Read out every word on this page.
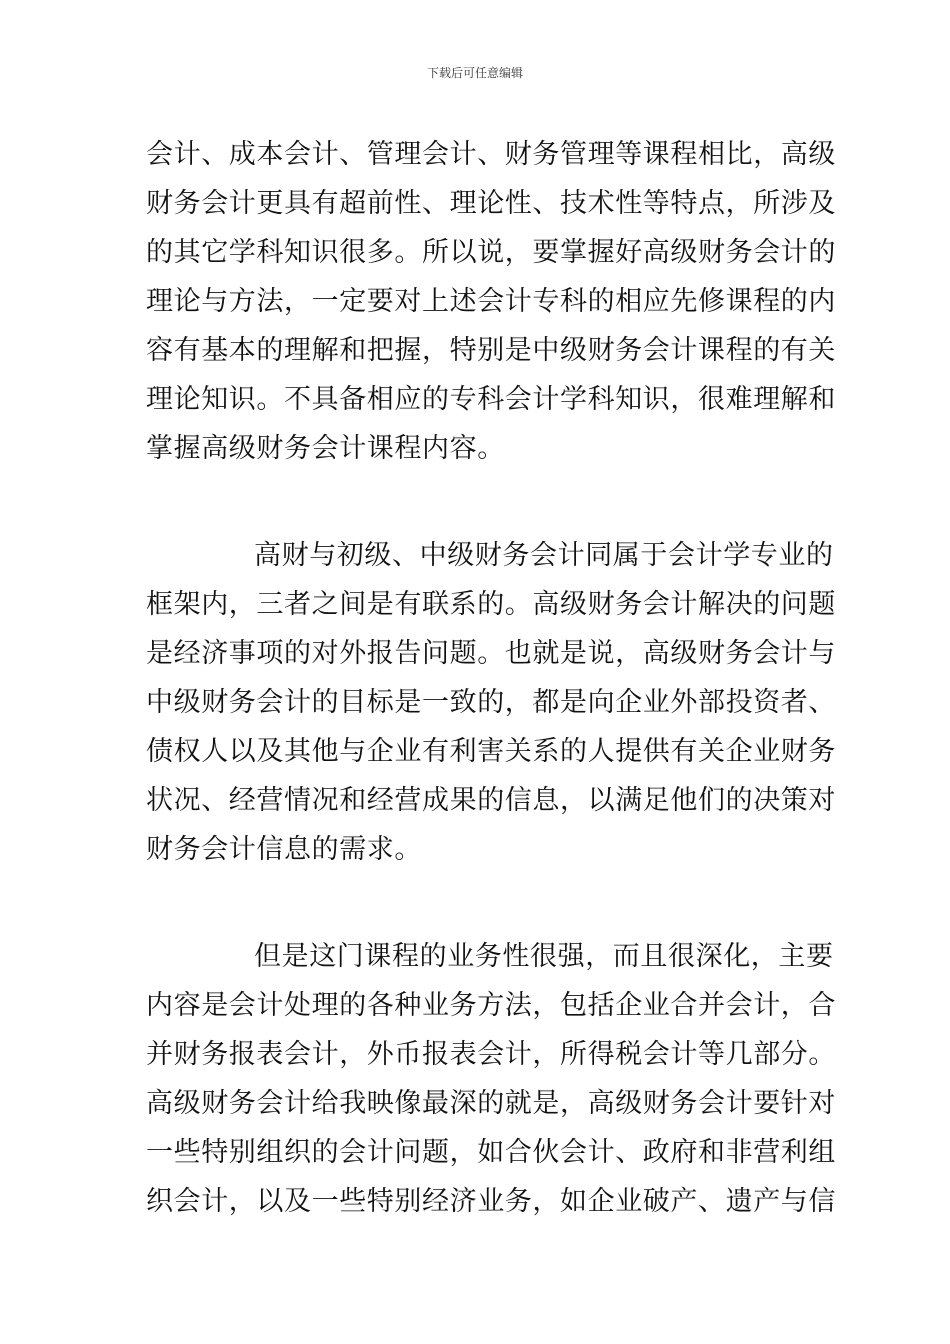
下载后可任意编辑
会计、成本会计、管理会计、财务管理等课程相比，高级
财务会计更具有超前性、理论性、技术性等特点，所涉及
的其它学科知识很多。所以说，要掌握好高级财务会计的
理论与方法，一定要对上述会计专科的相应先修课程的内
容有基本的理解和把握，特别是中级财务会计课程的有关
理论知识。不具备相应的专科会计学科知识，很难理解和
掌握高级财务会计课程内容。
高财与初级、中级财务会计同属于会计学专业的
框架内，三者之间是有联系的。高级财务会计解决的问题
是经济事项的对外报告问题。也就是说，高级财务会计与
中级财务会计的目标是一致的，都是向企业外部投资者、
债权人以及其他与企业有利害关系的人提供有关企业财务
状况、经营情况和经营成果的信息，以满足他们的决策对
财务会计信息的需求。
但是这门课程的业务性很强，而且很深化，主要
内容是会计处理的各种业务方法，包括企业合并会计，合
并财务报表会计，外币报表会计，所得税会计等几部分。
高级财务会计给我映像最深的就是，高级财务会计要针对
一些特别组织的会计问题，如合伙会计、政府和非营利组
织会计，以及一些特别经济业务，如企业破产、遗产与信
